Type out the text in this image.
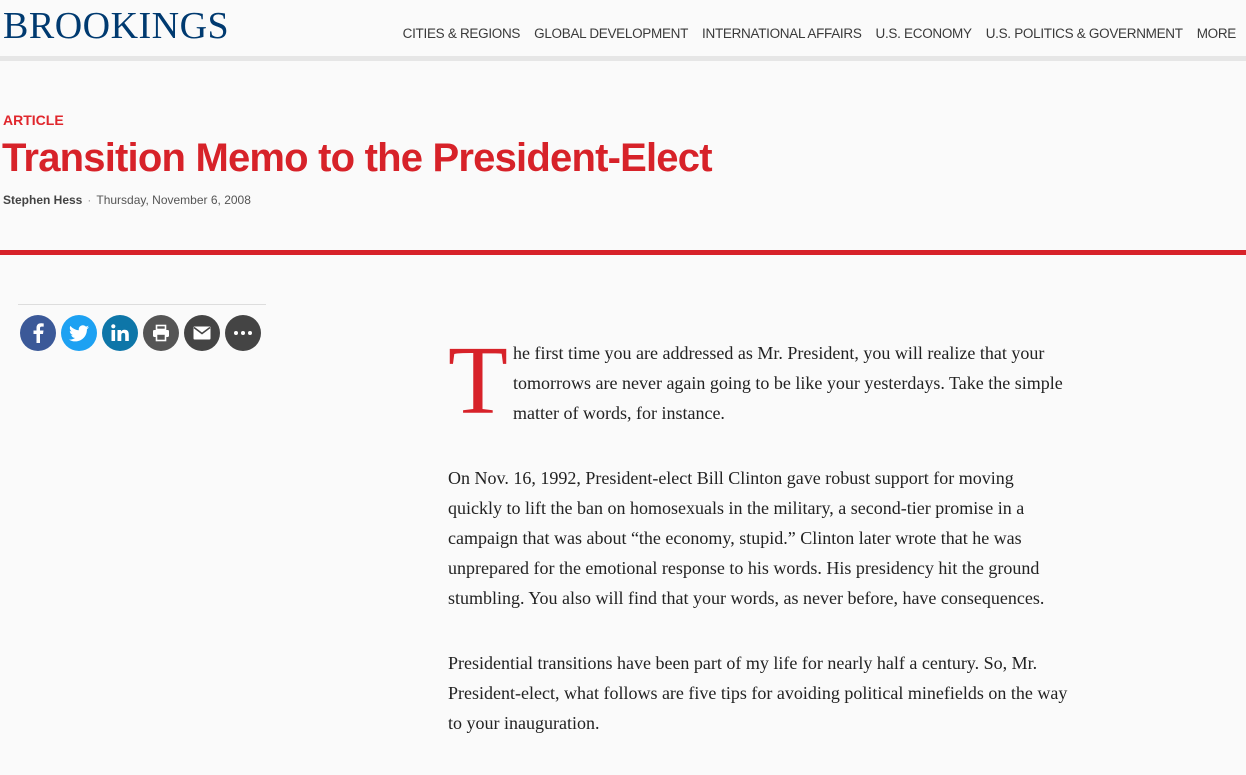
BROOKINGS	CITIES & REGIONS GLOBAL DEVELOPMENT INTERNATIONAL AFFAIRS U.S. ECONOMY U.S. POLITICS & GOVERNMENT MORE
ARTICLE
Transition Memo to the President-Elect
Stephen Hess · Thursday, November 6, 2008

T he first time you are addressed as Mr. President, you will realize that your tomorrows are never again going to be like your yesterdays. Take the simple matter of words, for instance.

On Nov. 16, 1992, President-elect Bill Clinton gave robust support for moving quickly to lift the ban on homosexuals in the military, a second-tier promise in a campaign that was about “the economy, stupid.” Clinton later wrote that he was unprepared for the emotional response to his words. His presidency hit the ground stumbling. You also will find that your words, as never before, have consequences.

Presidential transitions have been part of my life for nearly half a century. So, Mr. President-elect, what follows are five tips for avoiding political minefields on the way to your inauguration.
